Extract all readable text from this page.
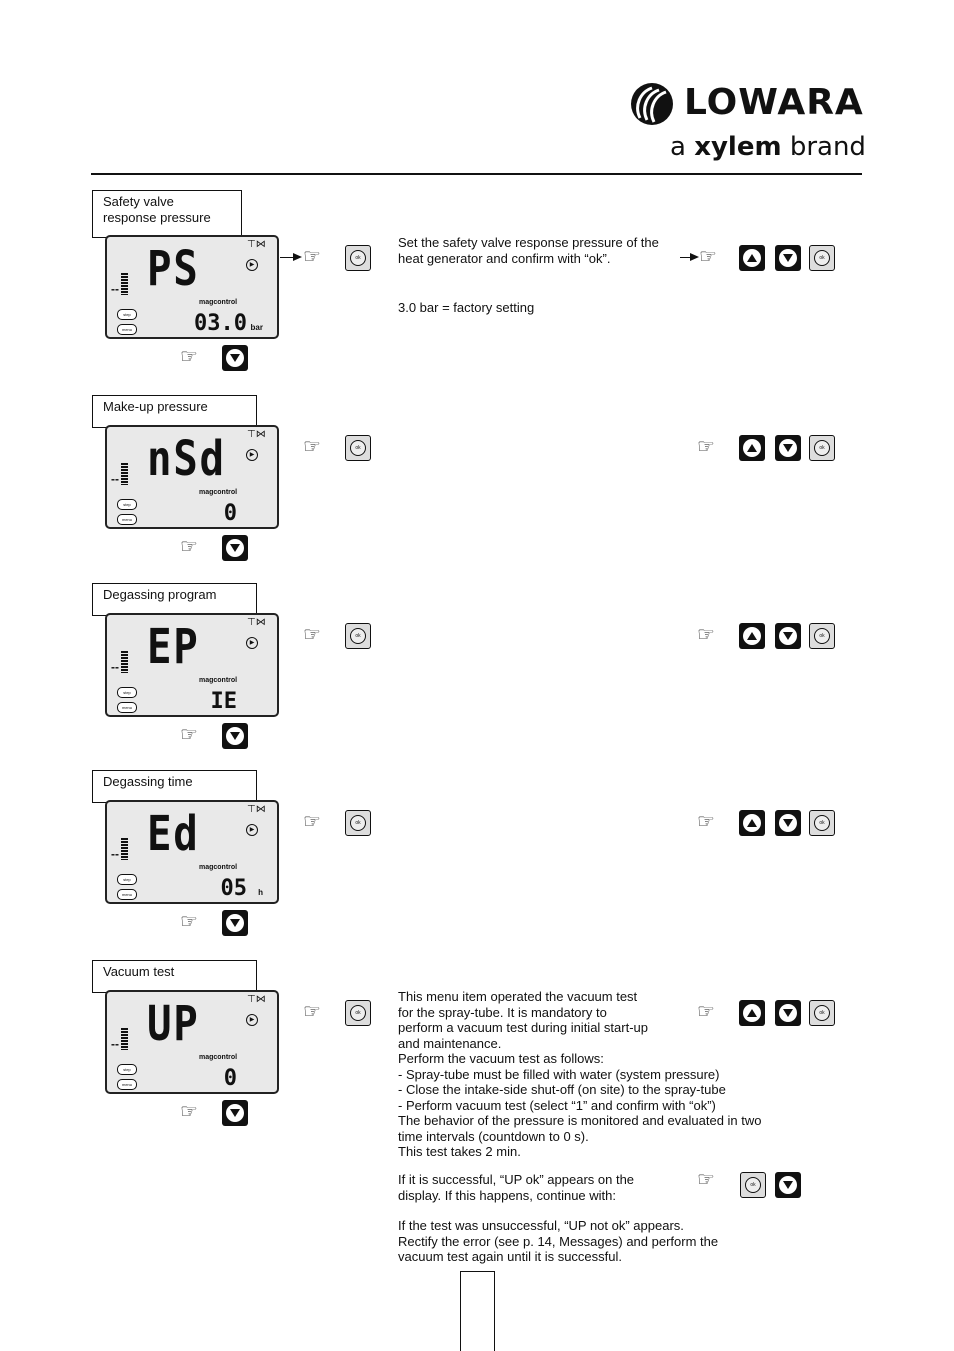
LOWARA
a xylem brand
Safety valve
response pressure
-- PS
magcontrol
⊤⋈
▶
step
menu	03.0 bar
☞
☞	ok	☞	ok
Set the safety valve response pressure of the
heat generator and confirm with “ok”.
3.0 bar = factory setting
Make-up pressure
-- nSd
magcontrol
⊤⋈
▶
step
menu	0
☞
☞	ok	☞	ok
Degassing program
-- EP
magcontrol
⊤⋈
▶
step
menu	IE
☞
☞	ok	☞	ok
Degassing time
-- Ed
magcontrol
⊤⋈
▶
step
menu	05 h
☞
☞	ok	☞	ok
Vacuum test
-- UP
magcontrol
⊤⋈
▶
step
menu	0
☞
☞	ok	☞	ok
This menu item operated the vacuum test
for the spray-tube. It is mandatory to
perform a vacuum test during initial start-up
and maintenance.
Perform the vacuum test as follows:
- Spray-tube must be filled with water (system pressure)
- Close the intake-side shut-off (on site) to the spray-tube
- Perform vacuum test (select “1” and confirm with “ok”)
The behavior of the pressure is monitored and evaluated in two
time intervals (countdown to 0 s).
This test takes 2 min.
If it is successful, “UP ok” appears on the
display. If this happens, continue with:
☞	ok
If the test was unsuccessful, “UP not ok” appears.
Rectify the error (see p. 14, Messages) and perform the
vacuum test again until it is successful.
